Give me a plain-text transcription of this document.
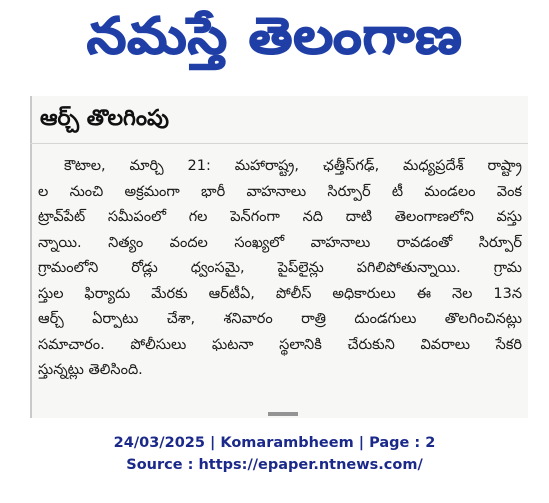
నమస్తే తెలంగాణ
ఆర్చ్ తొలగింపు
కౌటాల, మార్చి 21: మహారాష్ట్ర, ఛత్తీస్‌గఢ్, మధ్యప్రదేశ్ రాష్ట్రా
ల నుంచి అక్రమంగా భారీ వాహనాలు సిర్పూర్ టీ మండలం వెంక
ట్రావ్‌పేట్ సమీపంలో గల పెన్‌గంగా నది దాటి తెలంగాణలోని వస్తు
న్నాయి. నిత్యం వందల సంఖ్యలో వాహనాలు రావడంతో సిర్పూర్
గ్రామంలోని రోడ్లు ధ్వంసమై, పైప్‌లైన్లు పగిలిపోతున్నాయి. గ్రామ
స్తుల ఫిర్యాదు మేరకు ఆర్‌టీఏ, పోలీస్ అధికారులు ఈ నెల 13న
ఆర్చ్ ఏర్పాటు చేశా, శనివారం రాత్రి దుండగులు తొలగించినట్లు
సమాచారం. పోలీసులు ఘటనా స్థలానికి చేరుకుని వివరాలు సేకరి
స్తున్నట్లు తెలిసింది.
24/03/2025 | Komarambheem | Page : 2
Source : https://epaper.ntnews.com/
